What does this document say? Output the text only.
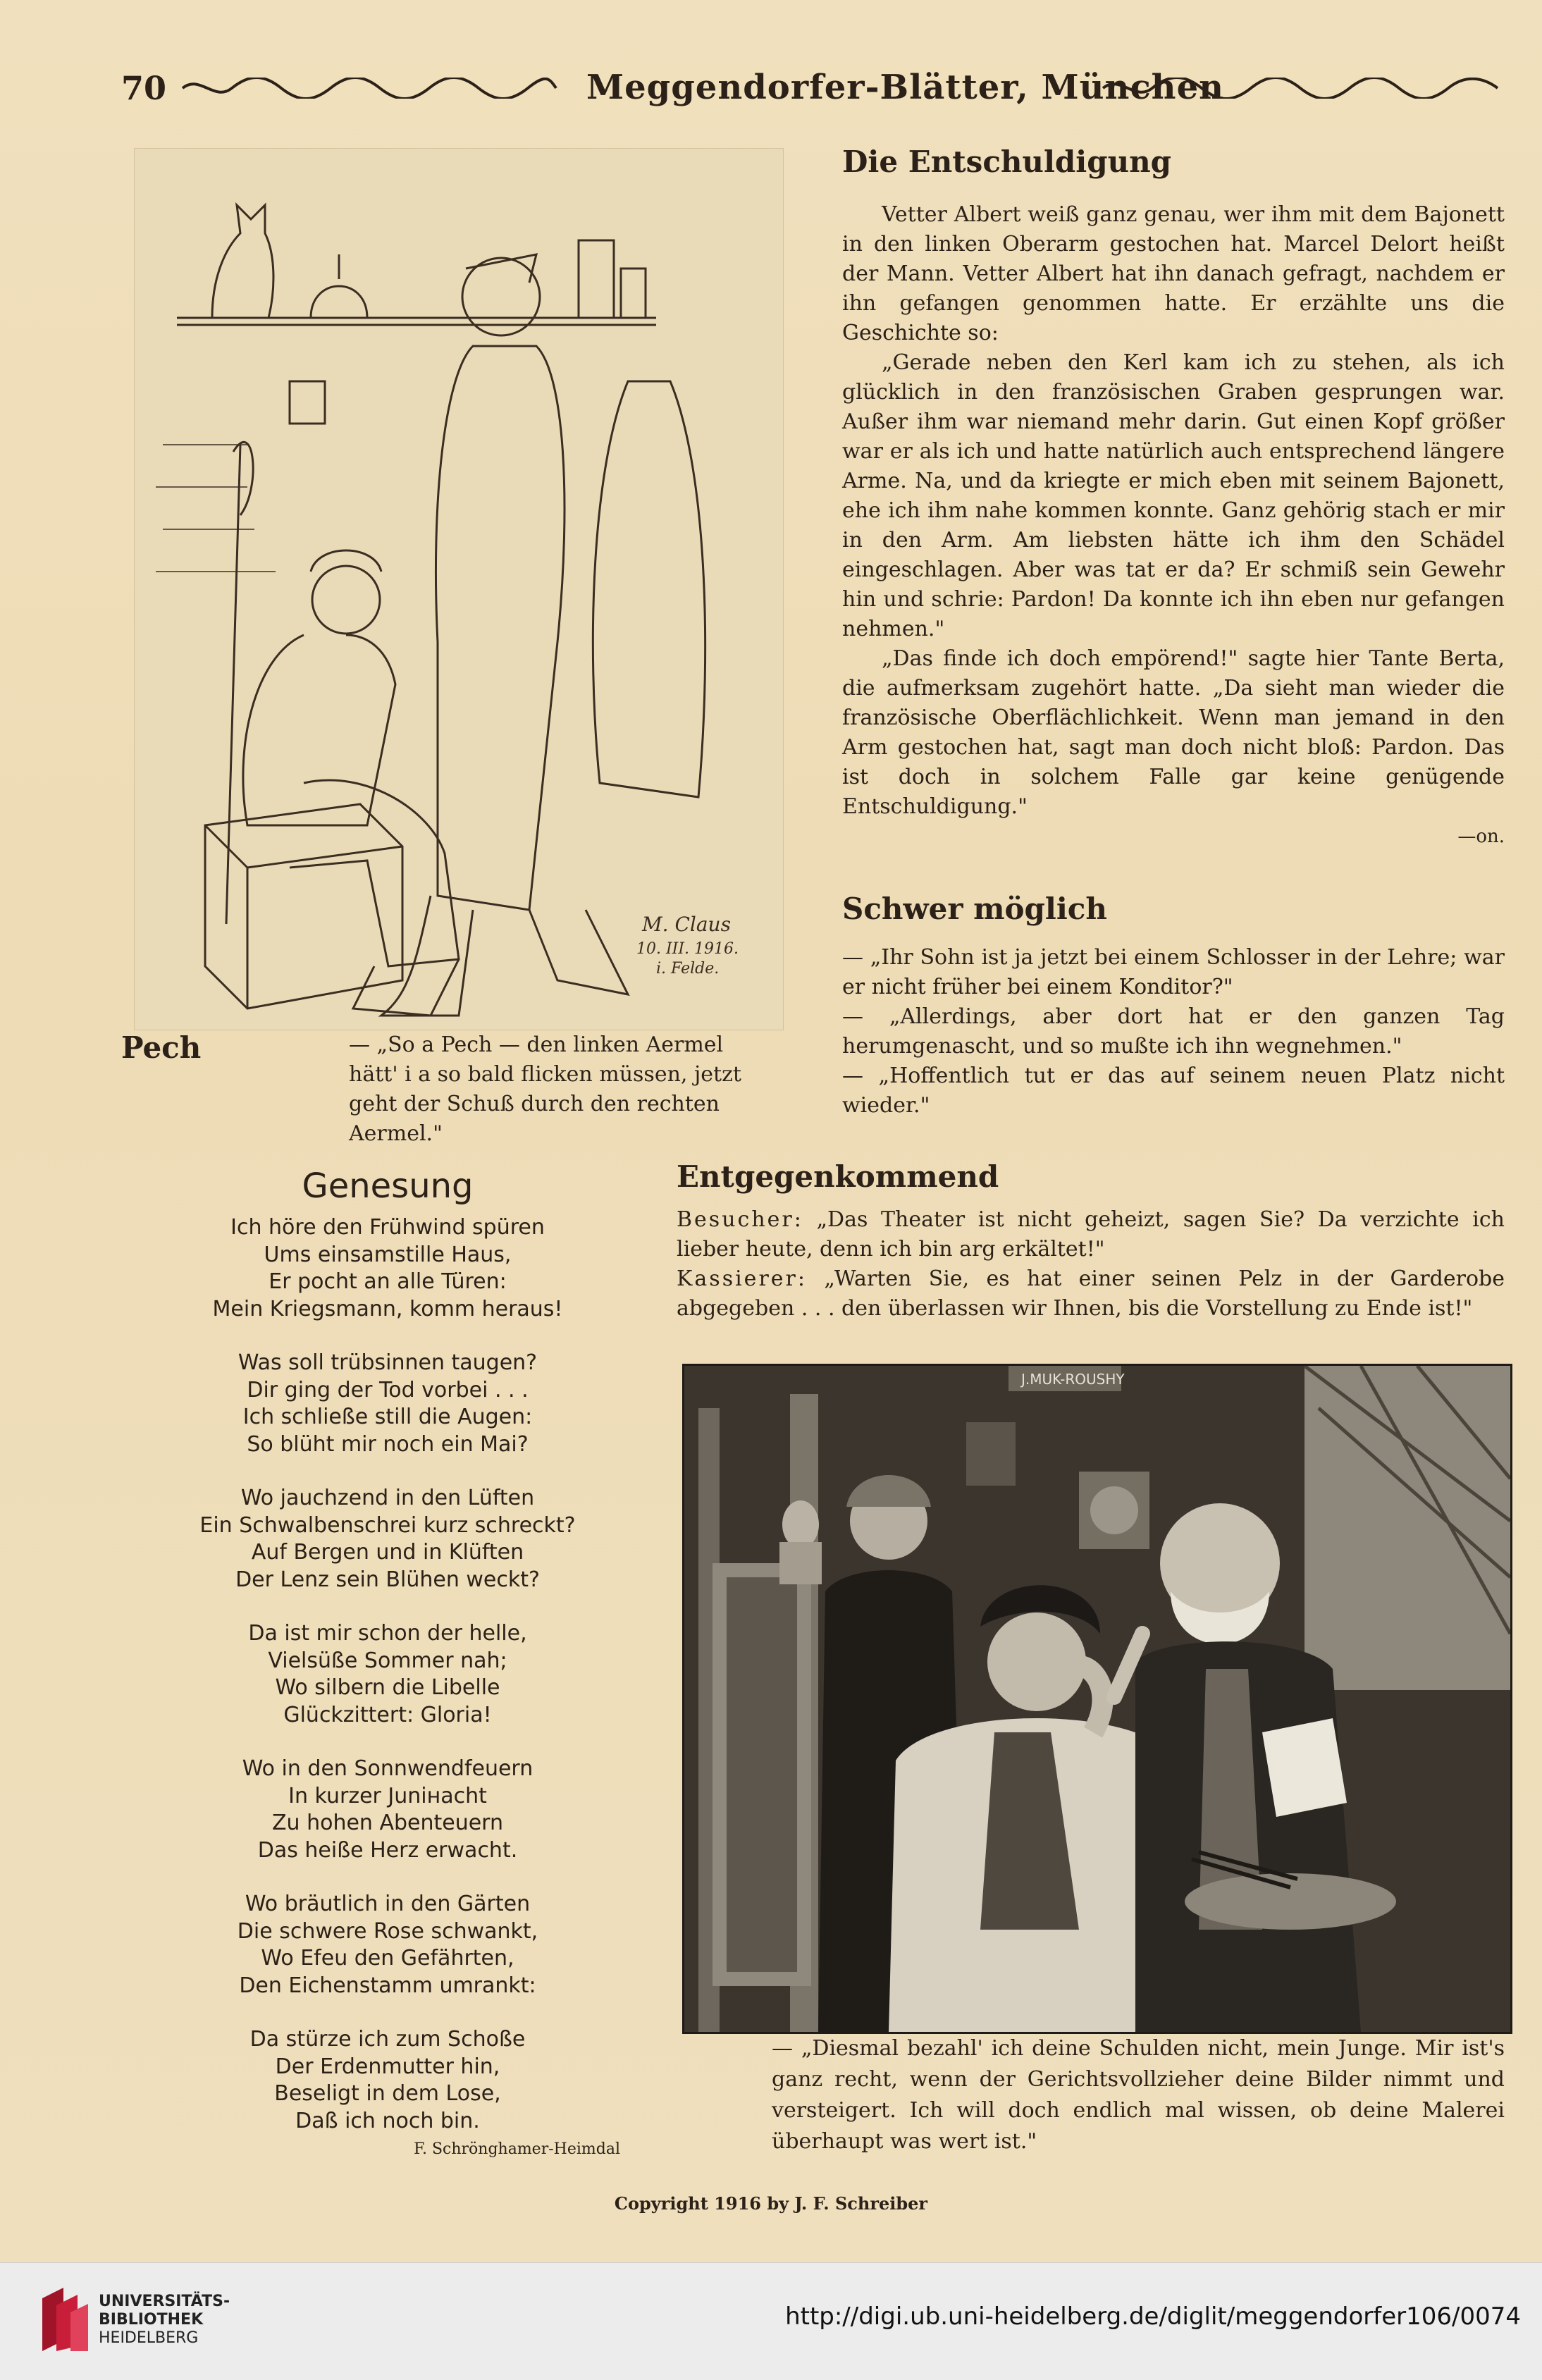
70	Meggendorfer-Blätter, München
M. Claus
10. III. 1916.
i. Felde.
Pech	— „So a Pech — den linken Aermel hätt' i a so bald flicken müssen, jetzt geht der Schuß durch den rechten Aermel."
Die Entschuldigung

Vetter Albert weiß ganz genau, wer ihm mit dem Bajonett in den linken Oberarm gestochen hat. Marcel Delort heißt der Mann. Vetter Albert hat ihn danach gefragt, nachdem er ihn gefangen genommen hatte. Er erzählte uns die Geschichte so:

„Gerade neben den Kerl kam ich zu stehen, als ich glücklich in den französischen Graben gesprungen war. Außer ihm war niemand mehr darin. Gut einen Kopf größer war er als ich und hatte natürlich auch entsprechend längere Arme. Na, und da kriegte er mich eben mit seinem Bajonett, ehe ich ihm nahe kommen konnte. Ganz gehörig stach er mir in den Arm. Am liebsten hätte ich ihm den Schädel eingeschlagen. Aber was tat er da? Er schmiß sein Gewehr hin und schrie: Pardon! Da konnte ich ihn eben nur gefangen nehmen."

„Das finde ich doch empörend!" sagte hier Tante Berta, die aufmerksam zugehört hatte. „Da sieht man wieder die französische Oberflächlichkeit. Wenn man jemand in den Arm gestochen hat, sagt man doch nicht bloß: Pardon. Das ist doch in solchem Falle gar keine genügende Entschuldigung."

—on.
Schwer möglich

— „Ihr Sohn ist ja jetzt bei einem Schlosser in der Lehre; war er nicht früher bei einem Konditor?"

— „Allerdings, aber dort hat er den ganzen Tag herumgenascht, und so mußte ich ihn wegnehmen."

— „Hoffentlich tut er das auf seinem neuen Platz nicht wieder."

Genesung
Ich höre den Frühwind spüren
Ums einsamstille Haus,
Er pocht an alle Türen:
Mein Kriegsmann, komm heraus!
Was soll trübsinnen taugen?
Dir ging der Tod vorbei . . .
Ich schließe still die Augen:
So blüht mir noch ein Mai?
Wo jauchzend in den Lüften
Ein Schwalbenschrei kurz schreckt?
Auf Bergen und in Klüften
Der Lenz sein Blühen weckt?
Da ist mir schon der helle,
Vielsüße Sommer nah;
Wo silbern die Libelle
Glückzittert: Gloria!
Wo in den Sonnwendfeuern
In kurzer Junінacht
Zu hohen Abenteuern
Das heiße Herz erwacht.
Wo bräutlich in den Gärten
Die schwere Rose schwankt,
Wo Efeu den Gefährten,
Den Eichenstamm umrankt:
Da stürze ich zum Schoße
Der Erdenmutter hin,
Beseligt in dem Lose,
Daß ich noch bin.
F. Schrönghamer-Heimdal
Entgegenkommend

Besucher: „Das Theater ist nicht geheizt, sagen Sie? Da verzichte ich lieber heute, denn ich bin arg erkältet!"

Kassierer: „Warten Sie, es hat einer seinen Pelz in der Garderobe abgegeben . . . den überlassen wir Ihnen, bis die Vorstellung zu Ende ist!"

J.MUK-ROUSHY
— „Diesmal bezahl' ich deine Schulden nicht, mein Junge. Mir ist's ganz recht, wenn der Gerichtsvollzieher deine Bilder nimmt und versteigert. Ich will doch endlich mal wissen, ob deine Malerei überhaupt was wert ist."
Copyright 1916 by J. F. Schreiber
UNIVERSITÄTS-
BIBLIOTHEK
HEIDELBERG
http://digi.ub.uni-heidelberg.de/diglit/meggendorfer106/0074
